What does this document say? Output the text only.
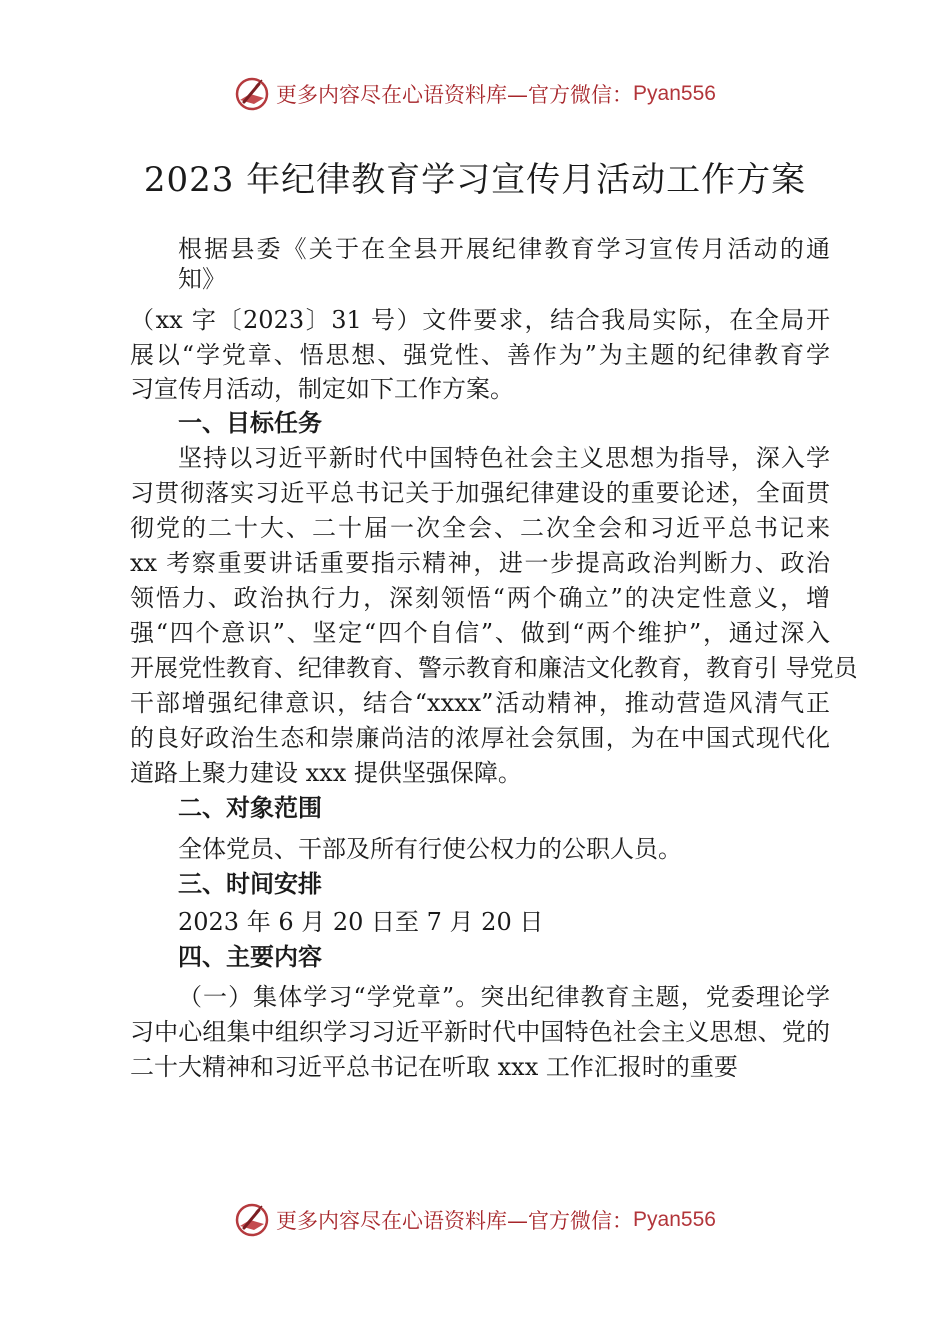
更多内容尽在心语资料库—官方微信： Pyan556
2023 年纪律教育学习宣传月活动工作方案
根据县委《关于在全县开展纪律教育学习宣传月活动的通
知》
（xx 字〔2023〕31 号）文件要求，结合我局实际，在全局开
展以“学党章、悟思想、强党性、善作为”为主题的纪律教育学
习宣传月活动，制定如下工作方案。
一、目标任务
坚持以习近平新时代中国特色社会主义思想为指导，深入学
习贯彻落实习近平总书记关于加强纪律建设的重要论述，全面贯
彻党的二十大、二十届一次全会、二次全会和习近平总书记来
xx 考察重要讲话重要指示精神，进一步提高政治判断力、政治
领悟力、政治执行力，深刻领悟“两个确立”的决定性意义，增
强“四个意识”、坚定“四个自信”、做到“两个维护”，通过深入
开展党性教育、纪律教育、警示教育和廉洁文化教育，教育引 导党员
干部增强纪律意识，结合“xxxx”活动精神，推动营造风清气正
的良好政治生态和崇廉尚洁的浓厚社会氛围，为在中国式现代化
道路上聚力建设 xxx 提供坚强保障。
二、对象范围
全体党员、干部及所有行使公权力的公职人员。
三、时间安排
2023 年 6 月 20 日至 7 月 20 日
四、主要内容
（一）集体学习“学党章”。突出纪律教育主题，党委理论学
习中心组集中组织学习习近平新时代中国特色社会主义思想、党的
二十大精神和习近平总书记在听取 xxx 工作汇报时的重要
更多内容尽在心语资料库—官方微信： Pyan556
